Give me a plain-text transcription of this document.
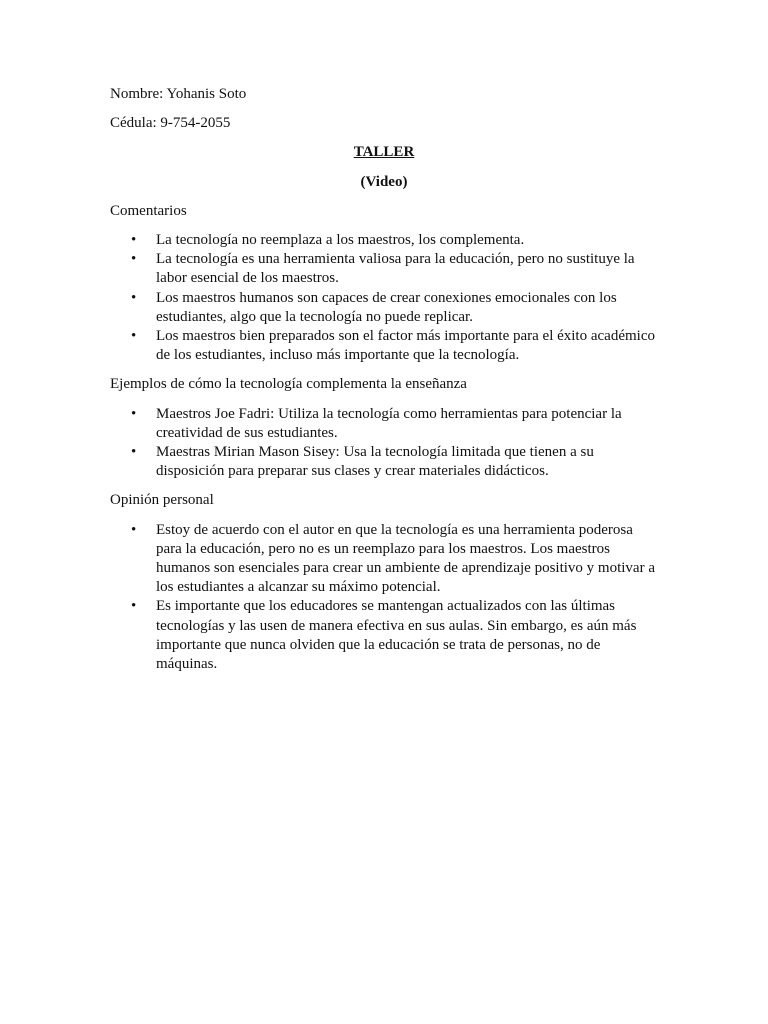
Nombre: Yohanis Soto

Cédula: 9-754-2055

TALLER

(Video)

Comentarios

• La tecnología no reemplaza a los maestros, los complementa.
• La tecnología es una herramienta valiosa para la educación, pero no sustituye la labor esencial de los maestros.
• Los maestros humanos son capaces de crear conexiones emocionales con los estudiantes, algo que la tecnología no puede replicar.
• Los maestros bien preparados son el factor más importante para el éxito académico de los estudiantes, incluso más importante que la tecnología.

Ejemplos de cómo la tecnología complementa la enseñanza

• Maestros Joe Fadri: Utiliza la tecnología como herramientas para potenciar la creatividad de sus estudiantes.
• Maestras Mirian Mason Sisey: Usa la tecnología limitada que tienen a su disposición para preparar sus clases y crear materiales didácticos.

Opinión personal

• Estoy de acuerdo con el autor en que la tecnología es una herramienta poderosa para la educación, pero no es un reemplazo para los maestros. Los maestros humanos son esenciales para crear un ambiente de aprendizaje positivo y motivar a los estudiantes a alcanzar su máximo potencial.
• Es importante que los educadores se mantengan actualizados con las últimas tecnologías y las usen de manera efectiva en sus aulas. Sin embargo, es aún más importante que nunca olviden que la educación se trata de personas, no de máquinas.
